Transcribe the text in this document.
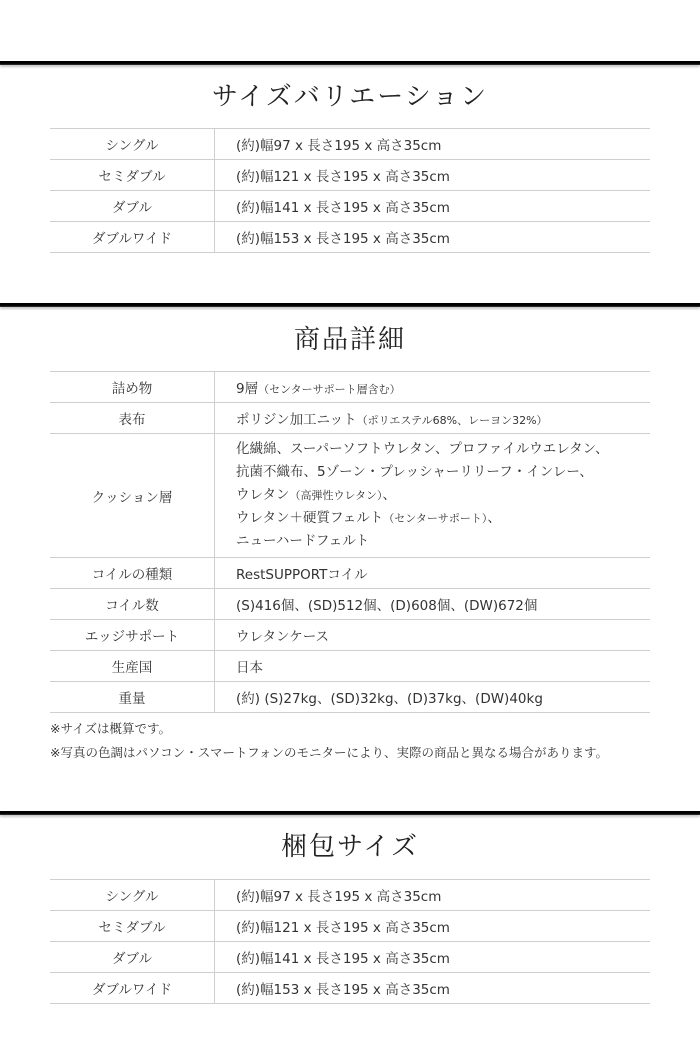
サイズバリエーション
シングル	(約)幅97 x 長さ195 x 高さ35cm
セミダブル	(約)幅121 x 長さ195 x 高さ35cm
ダブル	(約)幅141 x 長さ195 x 高さ35cm
ダブルワイド	(約)幅153 x 長さ195 x 高さ35cm
商品詳細
詰め物	9層（センターサポート層含む）
表布	ポリジン加工ニット（ポリエステル68%、レーヨン32%）
クッション層
化繊綿、スーパーソフトウレタン、プロファイルウエレタン、
抗菌不織布、5ゾーン・プレッシャーリリーフ・インレー、
ウレタン（高弾性ウレタン）、
ウレタン＋硬質フェルト（センターサポート）、
ニューハードフェルト
コイルの種類	RestSUPPORTコイル
コイル数	(S)416個、(SD)512個、(D)608個、(DW)672個
エッジサポート	ウレタンケース
生産国	日本
重量	(約) (S)27kg、(SD)32kg、(D)37kg、(DW)40kg
※サイズは概算です。
※写真の色調はパソコン・スマートフォンのモニターにより、実際の商品と異なる場合があります。
梱包サイズ
シングル	(約)幅97 x 長さ195 x 高さ35cm
セミダブル	(約)幅121 x 長さ195 x 高さ35cm
ダブル	(約)幅141 x 長さ195 x 高さ35cm
ダブルワイド	(約)幅153 x 長さ195 x 高さ35cm
